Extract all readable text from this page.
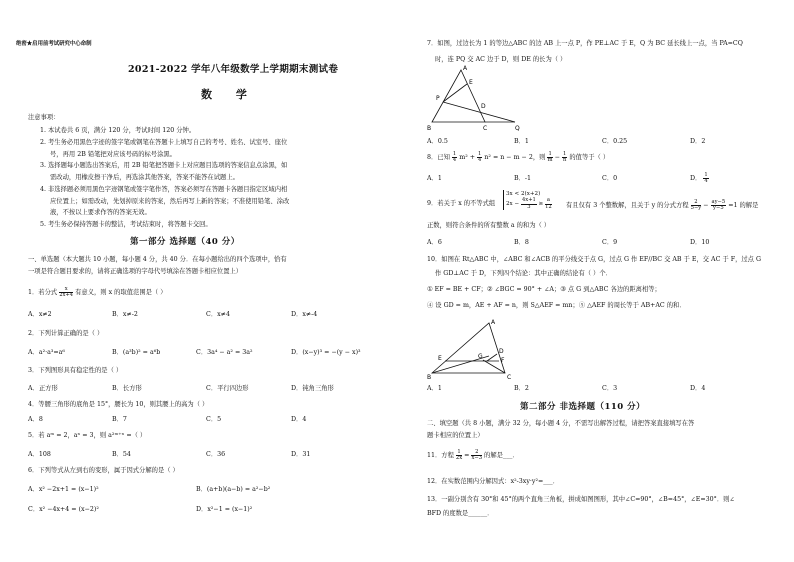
绝密★启用前考试研究中心命制
2021-2022 学年八年级数学上学期期末测试卷
数 学
注意事项：
1. 本试卷共 6 页，满分 120 分，考试时间 120 分钟。
2. 考生务必用黑色字迹的签字笔或钢笔在答题卡上填写自己的考号、姓名、试室号、座位
号，再用 2B 铅笔把对应该号码的标号涂黑。
3. 选择题每小题选出答案后，用 2B 铅笔把答题卡上对应题目选项的答案信息点涂黑，如
需改动，用橡皮擦干净后，再选涂其他答案，答案不能答在试题上。
4. 非选择题必须用黑色字迹钢笔或签字笔作答，答案必须写在答题卡各题目指定区域内相
应位置上；如需改动，先划掉原来的答案，然后再写上新的答案；不准使用铅笔、涂改
液，不按以上要求作答的答案无效。
5. 考生务必保持答题卡的整洁，考试结束时，将答题卡交回。
第一部分 选择题（40 分）
一、单选题（本大题共 10 小题，每小题 4 分，共 40 分．在每小题给出的四个选项中，恰有
一项是符合题目要求的，请将正确选项的字母代号填涂在答题卡相应位置上）
1．若分式 $\frac{x}{2x+4}$ 有意义，则 x 的取值范围是（ ）
A．x≠2	B．x≠-2	C．x≠4	D．x≠-4
2．下列计算正确的是（ ）
A．a²·a³=a⁶	B．(a³b)² = a⁶b	C．3a⁴ − a² = 3a²	D．(x−y)³ = −(y − x)³
3．下列图形具有稳定性的是（ ）
A．正方形	B．长方形	C．平行四边形	D．钝角三角形
4．等腰三角形的底角是 15°，腰长为 10，则其腰上的高为（ ）
A．8	B．7	C．5	D．4
5．若 aᵐ = 2，aⁿ = 3，则 a²ᵐ⁺ⁿ =（ ）
A．108	B．54	C．36	D．31
6．下列等式从左到右的变形，属于因式分解的是（ ）
A．x² −2x+1 = (x−1)²	B．(a+b)(a−b) = a²−b²
C．x² −4x+4 = (x−2)²	D．x²−1 = (x−1)²
7．如图，过边长为 1 的等边△ABC 的边 AB 上一点 P，作 PE⊥AC 于 E，Q 为 BC 延长线上一点，当 PA=CQ
时，连 PQ 交 AC 边于 D，则 DE 的长为（ ）
A
E
P
D
B	C	Q
A．0.5	B．1	C．0.25	D．2
8．已知 $\frac{1}{4} m^2 + \frac{1}{4} n^2 = n - m - 2$，则 $\frac{1}{m} - \frac{1}{n}$ 的值等于（ ）
A．1	B．-1	C．0	D． $\frac{1}{4}$
9．若关于 x 的不等式组
3x < 2(x+2)
$2x - \frac{4x+1}{3} \ge \frac{a}{12}$ 有且仅有 3 个整数解，且关于 y 的分式方程 $\frac{2}{5-y} - \frac{ay-5}{y-5} =1$ 的解是
正数，则符合条件的所有整数 a 的和为（ ）
A．6	B．8	C．9	D．10
10．如图在 Rt△ABC 中，∠ABC 和∠ACB 的平分线交于点 G，过点 G 作 EF//BC 交 AB 于 E，交 AC 于 F，过点 G
作 GD⊥AC 于 D，下列四个结论：其中正确的结论有（ ）个．
① EF = BE + CF；② ∠BGC = 90° + ∠A；③ 点 G 到△ABC 各边的距离相等；
④ 设 GD = m，AE + AF = n，则 S△AEF = mn；⑤ △AEF 的周长等于 AB+AC 的和．
A
E	G
F
D
B	C
A．1	B．2	C．3	D．4
第二部分 非选择题（110 分）
二、填空题（共 8 小题，满分 32 分，每小题 4 分，不需写出解答过程，请把答案直接填写在答
题卡相应的位置上）
11．方程 $\frac{1}{2x} = \frac{2}{x-3}$ 的解是___．
12．在实数范围内分解因式：x²-3xy·y²=___．
13．一副分别含有 30°和 45°的两个直角三角板，拼成如图图形，其中∠C=90°，∠B=45°，∠E=30°．则∠
BFD 的度数是______．
